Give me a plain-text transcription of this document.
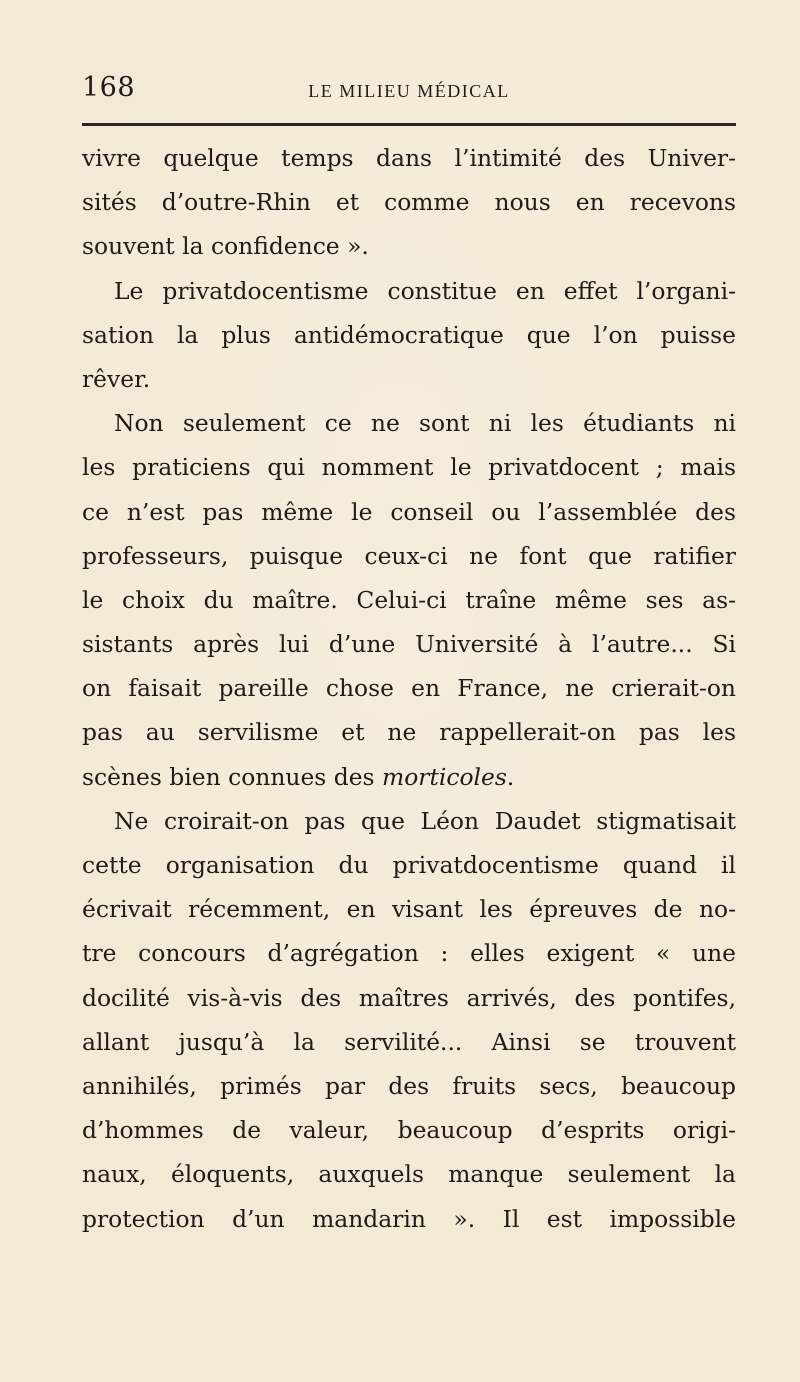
168	LE MILIEU MÉDICAL
vivre quelque temps dans l’intimité des Univer-
sités d’outre-Rhin et comme nous en recevons
souvent la confidence ».
Le privatdocentisme constitue en effet l’organi-
sation la plus antidémocratique que l’on puisse
rêver.
Non seulement ce ne sont ni les étudiants ni
les praticiens qui nomment le privatdocent ; mais
ce n’est pas même le conseil ou l’assemblée des
professeurs, puisque ceux-ci ne font que ratifier
le choix du maître. Celui-ci traîne même ses as-
sistants après lui d’une Université à l’autre... Si
on faisait pareille chose en France, ne crierait-on
pas au servilisme et ne rappellerait-on pas les
scènes bien connues des morticoles.
Ne croirait-on pas que Léon Daudet stigmatisait
cette organisation du privatdocentisme quand il
écrivait récemment, en visant les épreuves de no-
tre concours d’agrégation : elles exigent « une
docilité vis-à-vis des maîtres arrivés, des pontifes,
allant jusqu’à la servilité... Ainsi se trouvent
annihilés, primés par des fruits secs, beaucoup
d’hommes de valeur, beaucoup d’esprits origi-
naux, éloquents, auxquels manque seulement la
protection d’un mandarin ». Il est impossible
